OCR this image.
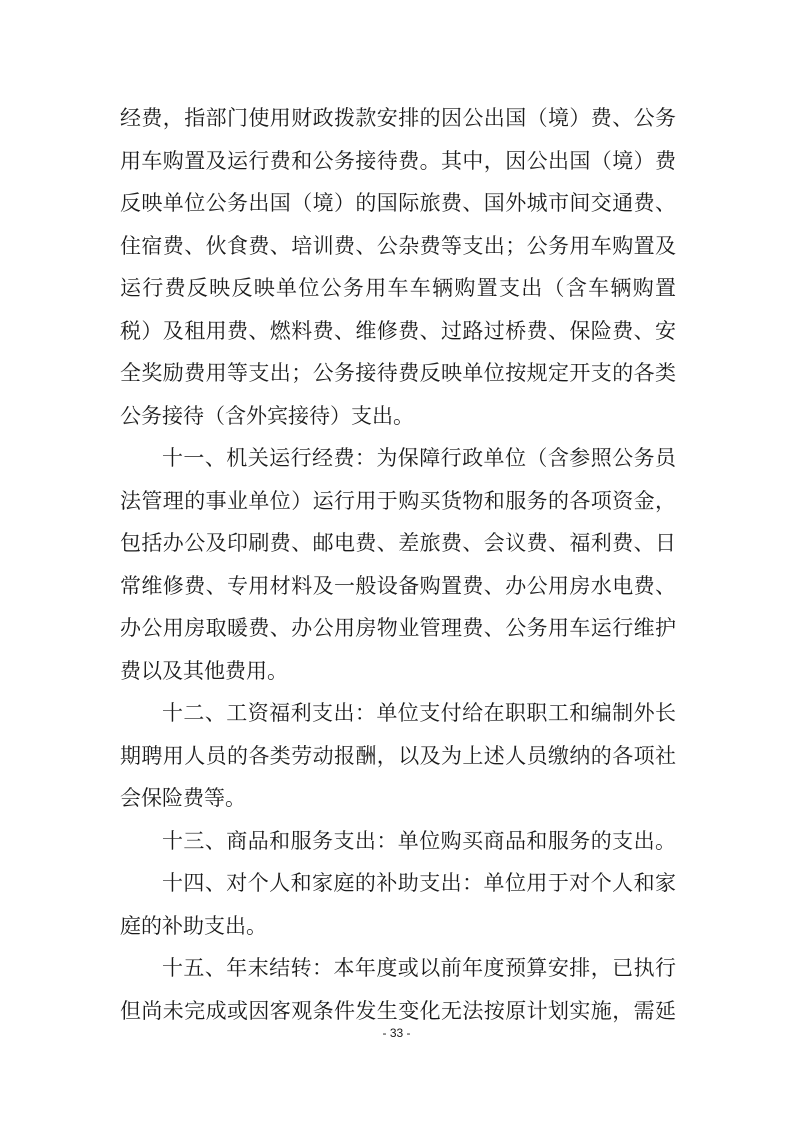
经费，指部门使用财政拨款安排的因公出国（境）费、公务
用车购置及运行费和公务接待费。其中，因公出国（境）费
反映单位公务出国（境）的国际旅费、国外城市间交通费、
住宿费、伙食费、培训费、公杂费等支出；公务用车购置及
运行费反映反映单位公务用车车辆购置支出（含车辆购置
税）及租用费、燃料费、维修费、过路过桥费、保险费、安
全奖励费用等支出；公务接待费反映单位按规定开支的各类
公务接待（含外宾接待）支出。
十一、机关运行经费：为保障行政单位（含参照公务员
法管理的事业单位）运行用于购买货物和服务的各项资金，
包括办公及印刷费、邮电费、差旅费、会议费、福利费、日
常维修费、专用材料及一般设备购置费、办公用房水电费、
办公用房取暖费、办公用房物业管理费、公务用车运行维护
费以及其他费用。
十二、工资福利支出：单位支付给在职职工和编制外长
期聘用人员的各类劳动报酬，以及为上述人员缴纳的各项社
会保险费等。
十三、商品和服务支出：单位购买商品和服务的支出。
十四、对个人和家庭的补助支出：单位用于对个人和家
庭的补助支出。
十五、年末结转：本年度或以前年度预算安排，已执行
但尚未完成或因客观条件发生变化无法按原计划实施，需延
- 33 -
